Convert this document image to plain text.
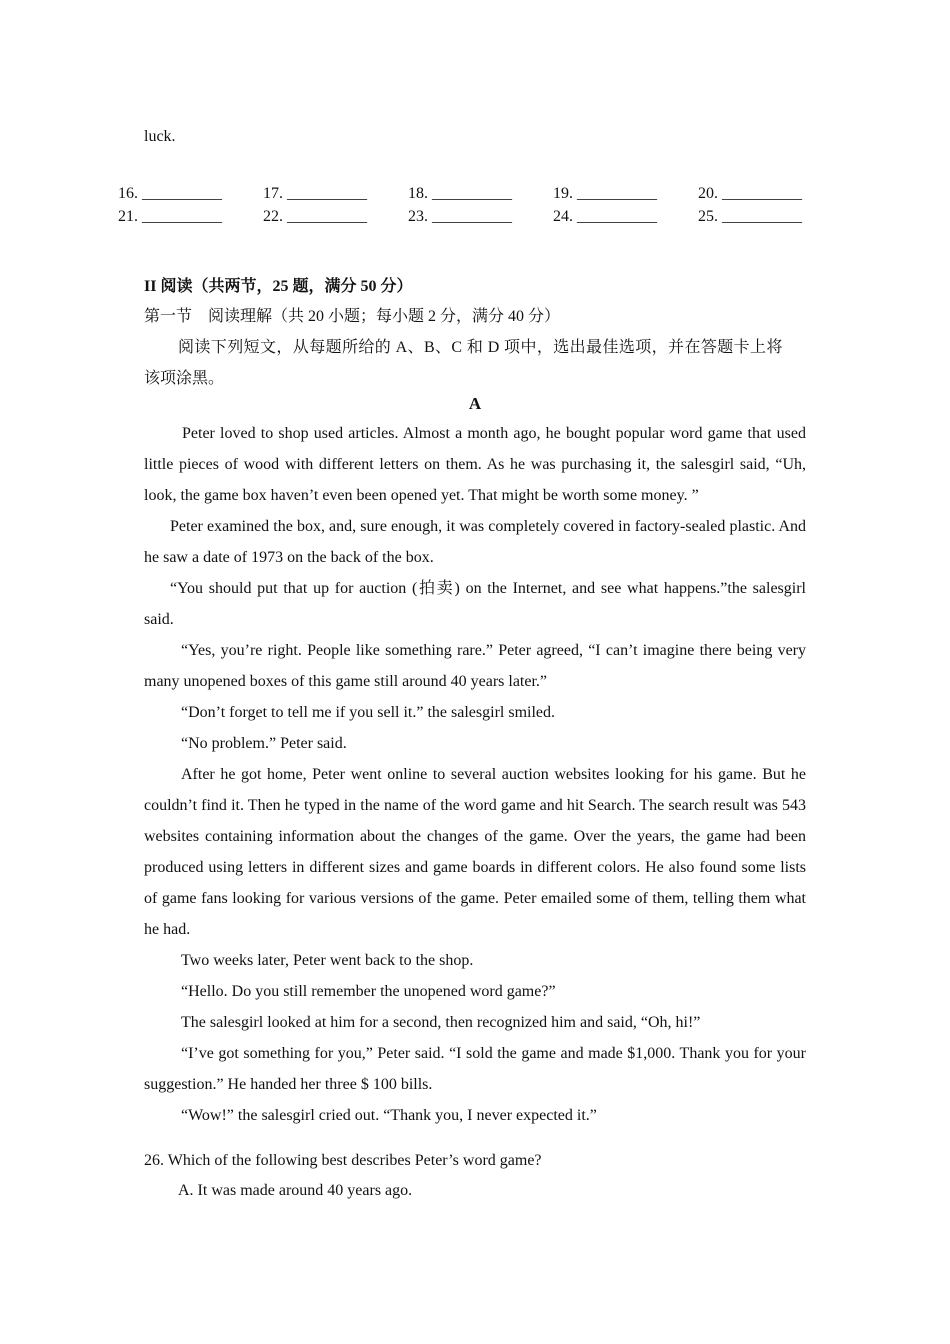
luck.
16. __________	17. __________	18. __________	19. __________	20. __________
21. __________	22. __________	23. __________	24. __________	25. __________
II 阅读（共两节，25 题，满分 50 分）
第一节　阅读理解（共 20 小题；每小题 2 分，满分 40 分）
阅读下列短文，从每题所给的 A、B、C 和 D 项中，选出最佳选项，并在答题卡上将
该项涂黑。
A

Peter loved to shop used articles. Almost a month ago, he bought popular word game that used little pieces of wood with different letters on them. As he was purchasing it, the salesgirl said, “Uh, look, the game box haven’t even been opened yet. That might be worth some money. ”

Peter examined the box, and, sure enough, it was completely covered in factory-sealed plastic. And he saw a date of 1973 on the back of the box.

“You should put that up for auction (拍卖) on the Internet, and see what happens.”the salesgirl said.

“Yes, you’re right. People like something rare.” Peter agreed, “I can’t imagine there being very many unopened boxes of this game still around 40 years later.”

“Don’t forget to tell me if you sell it.” the salesgirl smiled.

“No problem.” Peter said.

After he got home, Peter went online to several auction websites looking for his game. But he couldn’t find it. Then he typed in the name of the word game and hit Search. The search result was 543 websites containing information about the changes of the game. Over the years, the game had been produced using letters in different sizes and game boards in different colors. He also found some lists of game fans looking for various versions of the game. Peter emailed some of them, telling them what he had.

Two weeks later, Peter went back to the shop.

“Hello. Do you still remember the unopened word game?”

The salesgirl looked at him for a second, then recognized him and said, “Oh, hi!”

“I’ve got something for you,” Peter said. “I sold the game and made $1,000. Thank you for your suggestion.” He handed her three $ 100 bills.

“Wow!” the salesgirl cried out. “Thank you, I never expected it.”

26. Which of the following best describes Peter’s word game?
A. It was made around 40 years ago.
